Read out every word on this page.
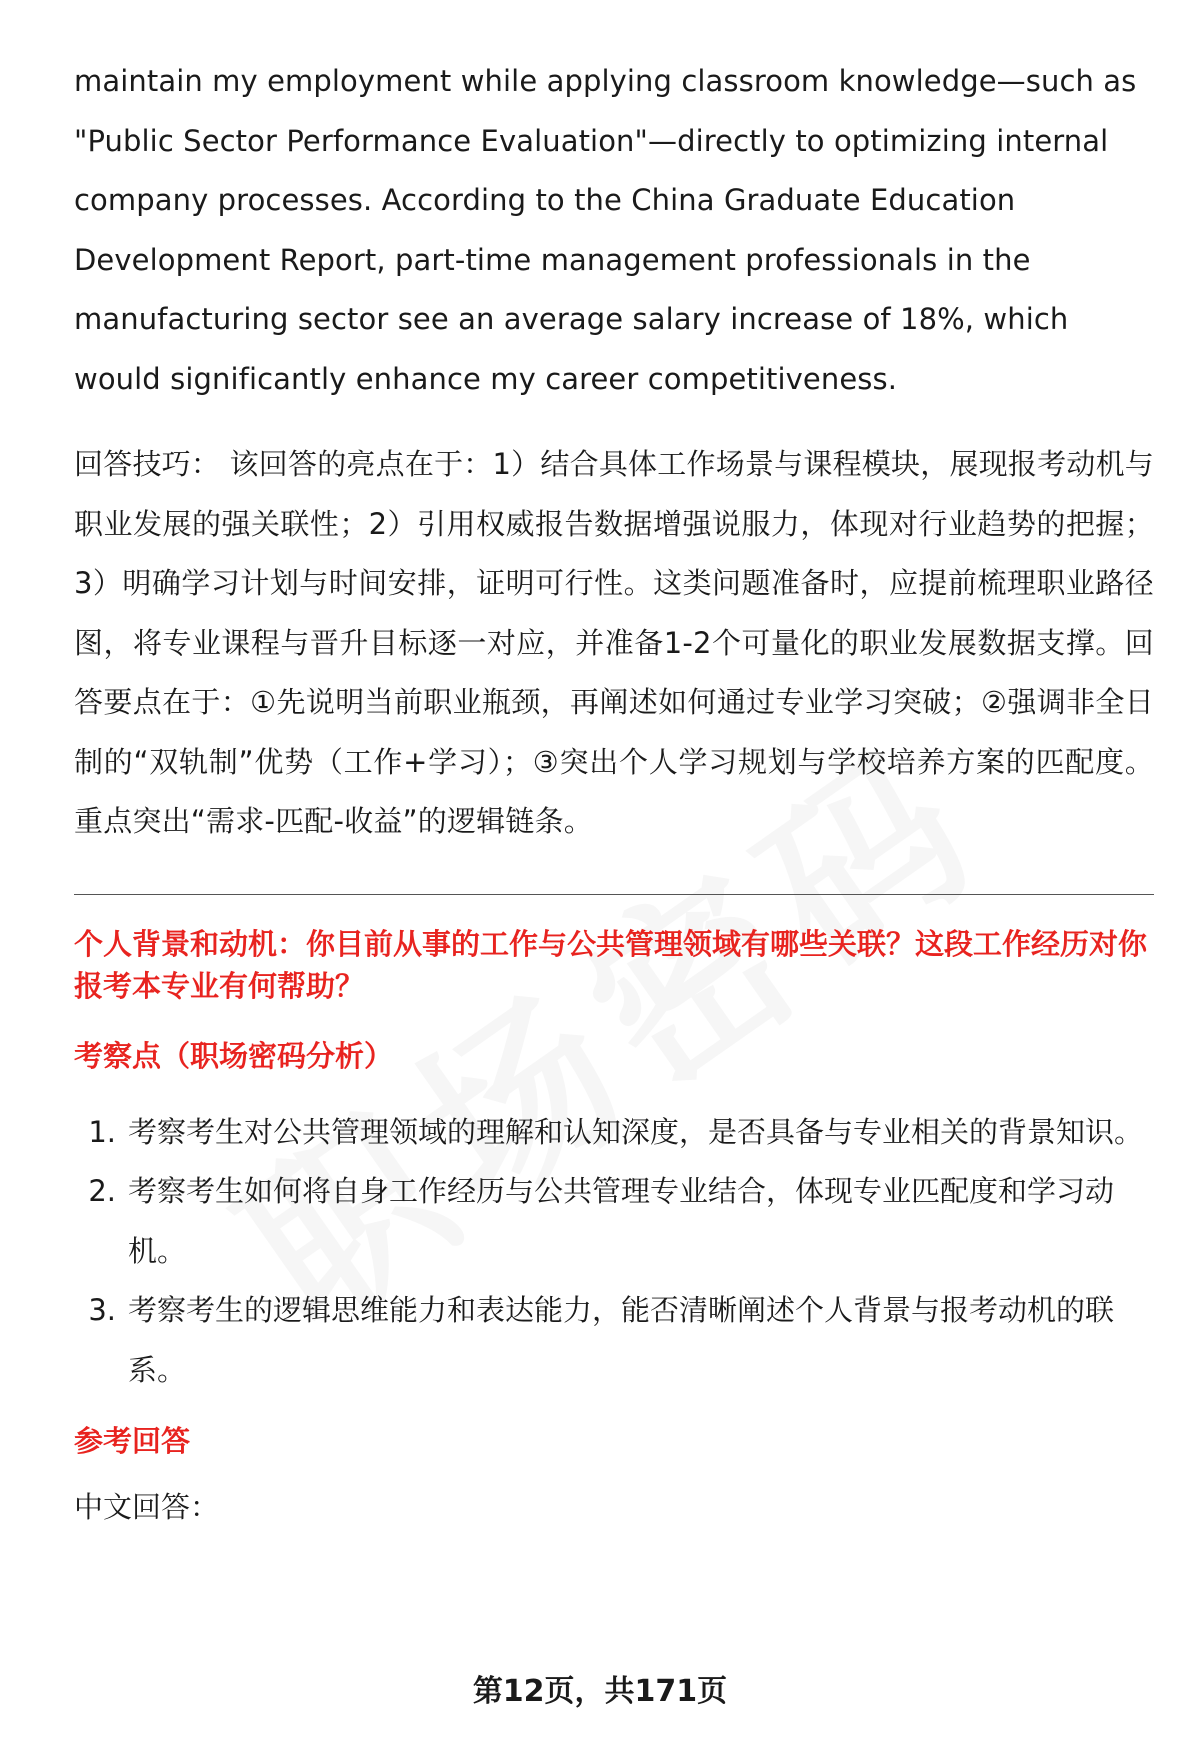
maintain my employment while applying classroom knowledge—such as "Public Sector Performance Evaluation"—directly to optimizing internal company processes. According to the China Graduate Education Development Report, part-time management professionals in the manufacturing sector see an average salary increase of 18%, which would significantly enhance my career competitiveness.

回答技巧： 该回答的亮点在于：1）结合具体工作场景与课程模块，展现报考动机与职业发展的强关联性；2）引用权威报告数据增强说服力，体现对行业趋势的把握；3）明确学习计划与时间安排，证明可行性。这类问题准备时，应提前梳理职业路径图，将专业课程与晋升目标逐一对应，并准备1-2个可量化的职业发展数据支撑。回答要点在于：①先说明当前职业瓶颈，再阐述如何通过专业学习突破；②强调非全日制的“双轨制”优势（工作+学习）；③突出个人学习规划与学校培养方案的匹配度。重点突出“需求-匹配-收益”的逻辑链条。

个人背景和动机：你目前从事的工作与公共管理领域有哪些关联？这段工作经历对你报考本专业有何帮助？
考察点（职场密码分析）
1. 考察考生对公共管理领域的理解和认知深度，是否具备与专业相关的背景知识。
2. 考察考生如何将自身工作经历与公共管理专业结合，体现专业匹配度和学习动机。
3. 考察考生的逻辑思维能力和表达能力，能否清晰阐述个人背景与报考动机的联系。
参考回答

中文回答：

第12页，共171页
